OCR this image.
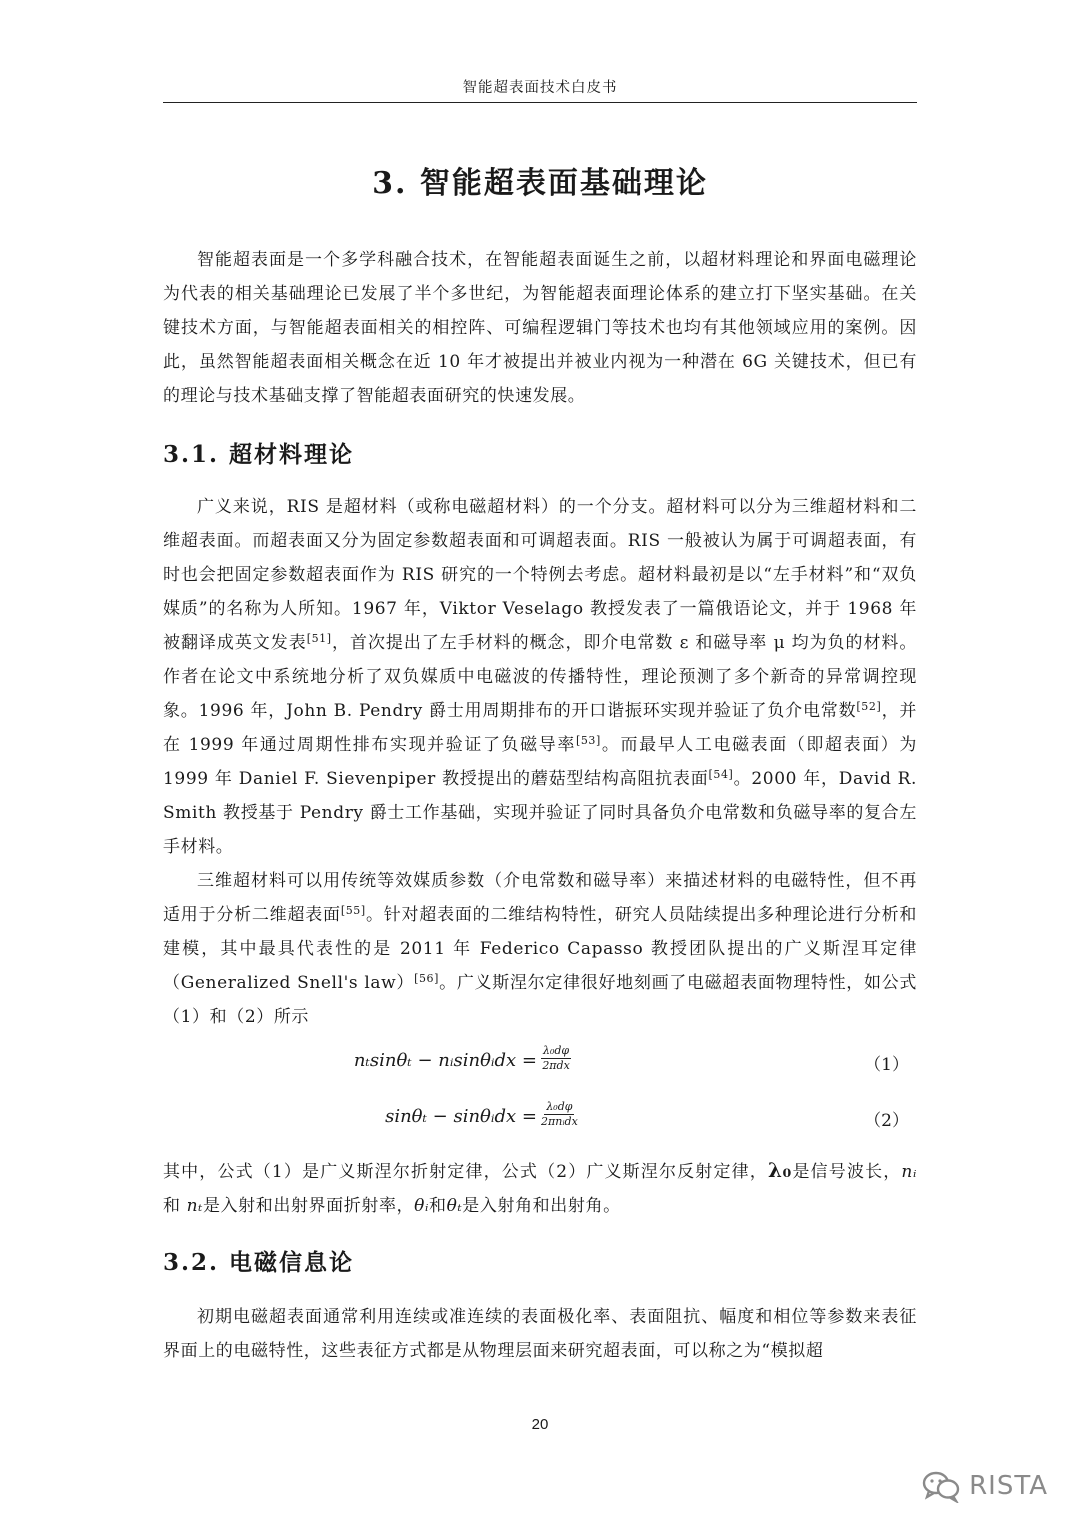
智能超表面技术白皮书
3. 智能超表面基础理论

智能超表面是一个多学科融合技术，在智能超表面诞生之前，以超材料理论和界面电磁理论为代表的相关基础理论已发展了半个多世纪，为智能超表面理论体系的建立打下坚实基础。在关键技术方面，与智能超表面相关的相控阵、可编程逻辑门等技术也均有其他领域应用的案例。因此，虽然智能超表面相关概念在近 10 年才被提出并被业内视为一种潜在 6G 关键技术，但已有的理论与技术基础支撑了智能超表面研究的快速发展。

3.1. 超材料理论

广义来说，RIS 是超材料（或称电磁超材料）的一个分支。超材料可以分为三维超材料和二维超表面。而超表面又分为固定参数超表面和可调超表面。RIS 一般被认为属于可调超表面，有时也会把固定参数超表面作为 RIS 研究的一个特例去考虑。超材料最初是以“左手材料”和“双负媒质”的名称为人所知。1967 年，Viktor Veselago 教授发表了一篇俄语论文，并于 1968 年被翻译成英文发表[51]，首次提出了左手材料的概念，即介电常数 ε 和磁导率 μ 均为负的材料。作者在论文中系统地分析了双负媒质中电磁波的传播特性，理论预测了多个新奇的异常调控现象。1996 年，John B. Pendry 爵士用周期排布的开口谐振环实现并验证了负介电常数[52]，并在 1999 年通过周期性排布实现并验证了负磁导率[53]。而最早人工电磁表面（即超表面）为 1999 年 Daniel F. Sievenpiper 教授提出的蘑菇型结构高阻抗表面[54]。2000 年，David R. Smith 教授基于 Pendry 爵士工作基础，实现并验证了同时具备负介电常数和负磁导率的复合左手材料。

三维超材料可以用传统等效媒质参数（介电常数和磁导率）来描述材料的电磁特性，但不再适用于分析二维超表面[55]。针对超表面的二维结构特性，研究人员陆续提出多种理论进行分析和建模，其中最具代表性的是 2011 年 Federico Capasso 教授团队提出的广义斯涅耳定律（Generalized Snell's law）[56]。广义斯涅尔定律很好地刻画了电磁超表面物理特性，如公式（1）和（2）所示

nₜsinθₜ − nᵢsinθᵢdx = λ₀dφ
2πdx	（1）
sinθₜ − sinθᵢdx = λ₀dφ
2πnᵢdx	（2）

其中，公式（1）是广义斯涅尔折射定律，公式（2）广义斯涅尔反射定律，λ₀是信号波长，nᵢ 和 nₜ是入射和出射界面折射率，θᵢ和θₜ是入射角和出射角。

3.2. 电磁信息论

初期电磁超表面通常利用连续或准连续的表面极化率、表面阻抗、幅度和相位等参数来表征界面上的电磁特性，这些表征方式都是从物理层面来研究超表面，可以称之为“模拟超

20
RISTA
